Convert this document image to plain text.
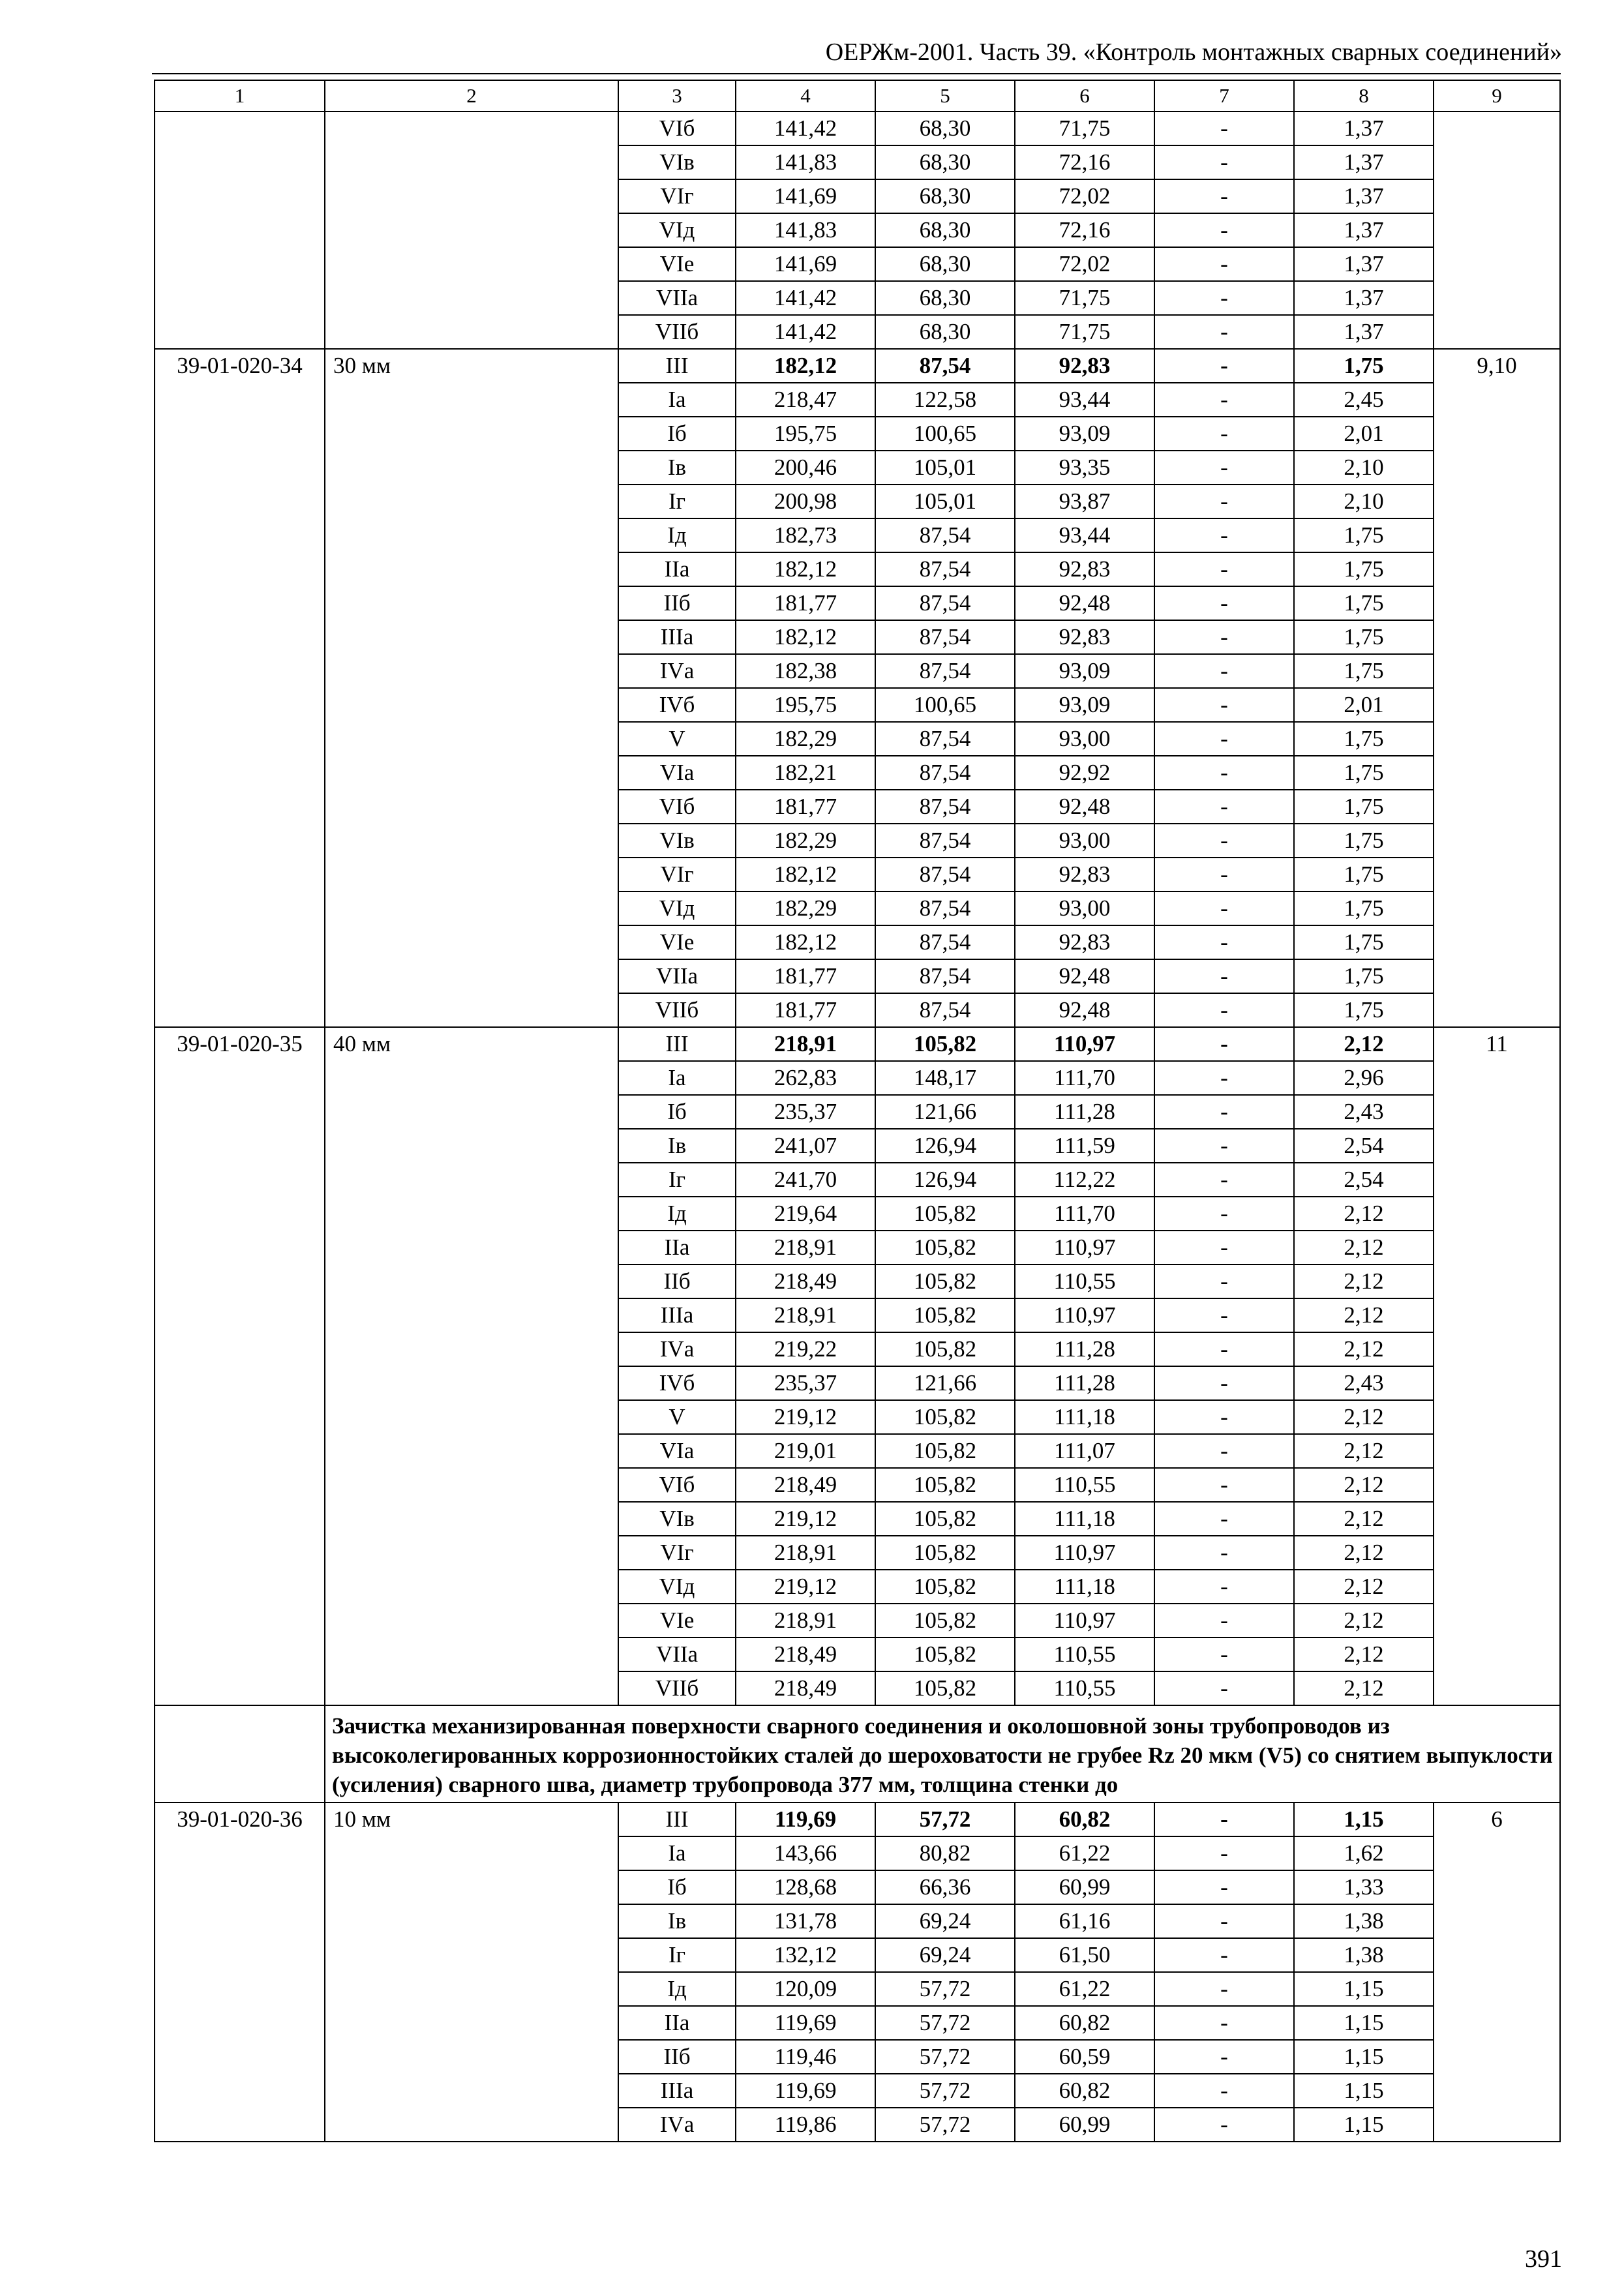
ОЕРЖм-2001. Часть 39. «Контроль монтажных сварных соединений»
1	2	3	4	5	6	7	8	9
		VIб	141,42	68,30	71,75	-	1,37	
		VIв	141,83	68,30	72,16	-	1,37	
		VIг	141,69	68,30	72,02	-	1,37	
		VIд	141,83	68,30	72,16	-	1,37	
		VIе	141,69	68,30	72,02	-	1,37	
		VIIа	141,42	68,30	71,75	-	1,37	
		VIIб	141,42	68,30	71,75	-	1,37	
39-01-020-34	30 мм	III	182,12	87,54	92,83	-	1,75	9,10
		Iа	218,47	122,58	93,44	-	2,45	
		Iб	195,75	100,65	93,09	-	2,01	
		Iв	200,46	105,01	93,35	-	2,10	
		Iг	200,98	105,01	93,87	-	2,10	
		Iд	182,73	87,54	93,44	-	1,75	
		IIа	182,12	87,54	92,83	-	1,75	
		IIб	181,77	87,54	92,48	-	1,75	
		IIIа	182,12	87,54	92,83	-	1,75	
		IVа	182,38	87,54	93,09	-	1,75	
		IVб	195,75	100,65	93,09	-	2,01	
		V	182,29	87,54	93,00	-	1,75	
		VIа	182,21	87,54	92,92	-	1,75	
		VIб	181,77	87,54	92,48	-	1,75	
		VIв	182,29	87,54	93,00	-	1,75	
		VIг	182,12	87,54	92,83	-	1,75	
		VIд	182,29	87,54	93,00	-	1,75	
		VIе	182,12	87,54	92,83	-	1,75	
		VIIа	181,77	87,54	92,48	-	1,75	
		VIIб	181,77	87,54	92,48	-	1,75	
39-01-020-35	40 мм	III	218,91	105,82	110,97	-	2,12	11
		Iа	262,83	148,17	111,70	-	2,96	
		Iб	235,37	121,66	111,28	-	2,43	
		Iв	241,07	126,94	111,59	-	2,54	
		Iг	241,70	126,94	112,22	-	2,54	
		Iд	219,64	105,82	111,70	-	2,12	
		IIа	218,91	105,82	110,97	-	2,12	
		IIб	218,49	105,82	110,55	-	2,12	
		IIIа	218,91	105,82	110,97	-	2,12	
		IVа	219,22	105,82	111,28	-	2,12	
		IVб	235,37	121,66	111,28	-	2,43	
		V	219,12	105,82	111,18	-	2,12	
		VIа	219,01	105,82	111,07	-	2,12	
		VIб	218,49	105,82	110,55	-	2,12	
		VIв	219,12	105,82	111,18	-	2,12	
		VIг	218,91	105,82	110,97	-	2,12	
		VIд	219,12	105,82	111,18	-	2,12	
		VIе	218,91	105,82	110,97	-	2,12	
		VIIа	218,49	105,82	110,55	-	2,12	
		VIIб	218,49	105,82	110,55	-	2,12	
	Зачистка механизированная поверхности сварного соединения и околошовной зоны трубопроводов из высоколегированных коррозионностойких сталей до шероховатости не грубее Rz 20 мкм (V5) со снятием выпуклости (усиления) сварного шва, диаметр трубопровода 377 мм, толщина стенки до							
39-01-020-36	10 мм	III	119,69	57,72	60,82	-	1,15	6
		Iа	143,66	80,82	61,22	-	1,62	
		Iб	128,68	66,36	60,99	-	1,33	
		Iв	131,78	69,24	61,16	-	1,38	
		Iг	132,12	69,24	61,50	-	1,38	
		Iд	120,09	57,72	61,22	-	1,15	
		IIа	119,69	57,72	60,82	-	1,15	
		IIб	119,46	57,72	60,59	-	1,15	
		IIIа	119,69	57,72	60,82	-	1,15	
		IVа	119,86	57,72	60,99	-	1,15	
391
